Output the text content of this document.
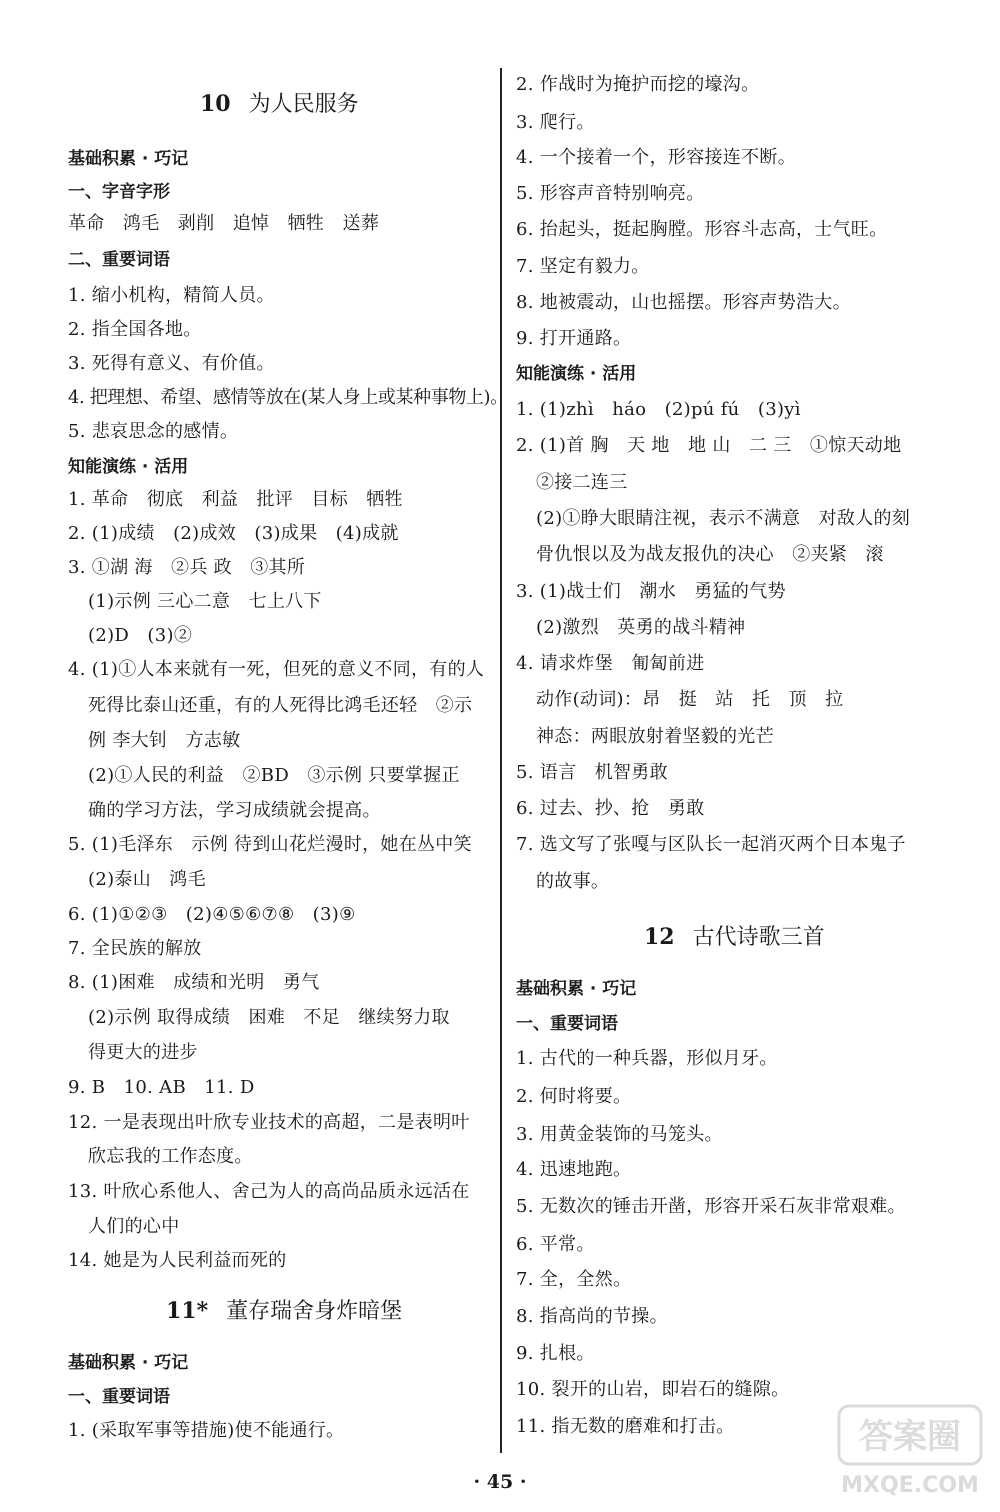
10 为人民服务
基础积累 · 巧记
一、字音字形
革命　鸿毛　剥削　追悼　牺牲　送葬
二、重要词语
1. 缩小机构，精简人员。
2. 指全国各地。
3. 死得有意义、有价值。
4. 把理想、希望、感情等放在(某人身上或某种事物上)。
5. 悲哀思念的感情。
知能演练 · 活用
1. 革命　彻底　利益　批评　目标　牺牲
2. (1)成绩　(2)成效　(3)成果　(4)成就
3. ①湖 海　②兵 政　③其所
(1)示例 三心二意　七上八下
(2)D　(3)②
4. (1)①人本来就有一死，但死的意义不同，有的人
死得比泰山还重，有的人死得比鸿毛还轻　②示
例 李大钊　方志敏
(2)①人民的利益　②BD　③示例 只要掌握正
确的学习方法，学习成绩就会提高。
5. (1)毛泽东　示例 待到山花烂漫时，她在丛中笑
(2)泰山　鸿毛
6. (1)①②③　(2)④⑤⑥⑦⑧　(3)⑨
7. 全民族的解放
8. (1)困难　成绩和光明　勇气
(2)示例 取得成绩　困难　不足　继续努力取
得更大的进步
9. B　10. AB　11. D
12. 一是表现出叶欣专业技术的高超，二是表明叶
欣忘我的工作态度。
13. 叶欣心系他人、舍己为人的高尚品质永远活在
人们的心中
14. 她是为人民利益而死的
11* 董存瑞舍身炸暗堡
基础积累 · 巧记
一、重要词语
1. (采取军事等措施)使不能通行。
2. 作战时为掩护而挖的壕沟。
3. 爬行。
4. 一个接着一个，形容接连不断。
5. 形容声音特别响亮。
6. 抬起头，挺起胸膛。形容斗志高，士气旺。
7. 坚定有毅力。
8. 地被震动，山也摇摆。形容声势浩大。
9. 打开通路。
知能演练 · 活用
1. (1)zhì　háo　(2)pú fú　(3)yì
2. (1)首 胸　天 地　地 山　二 三　①惊天动地
②接二连三
(2)①睁大眼睛注视，表示不满意　对敌人的刻
骨仇恨以及为战友报仇的决心　②夹紧　滚
3. (1)战士们　潮水　勇猛的气势
(2)激烈　英勇的战斗精神
4. 请求炸堡　匍匐前进
动作(动词)：昂　挺　站　托　顶　拉
神态：两眼放射着坚毅的光芒
5. 语言　机智勇敢
6. 过去、抄、抢　勇敢
7. 选文写了张嘎与区队长一起消灭两个日本鬼子
的故事。
12 古代诗歌三首
基础积累 · 巧记
一、重要词语
1. 古代的一种兵器，形似月牙。
2. 何时将要。
3. 用黄金装饰的马笼头。
4. 迅速地跑。
5. 无数次的锤击开凿，形容开采石灰非常艰难。
6. 平常。
7. 全，全然。
8. 指高尚的节操。
9. 扎根。
10. 裂开的山岩，即岩石的缝隙。
11. 指无数的磨难和打击。
· 45 ·
答案圈
MXQE.COM
